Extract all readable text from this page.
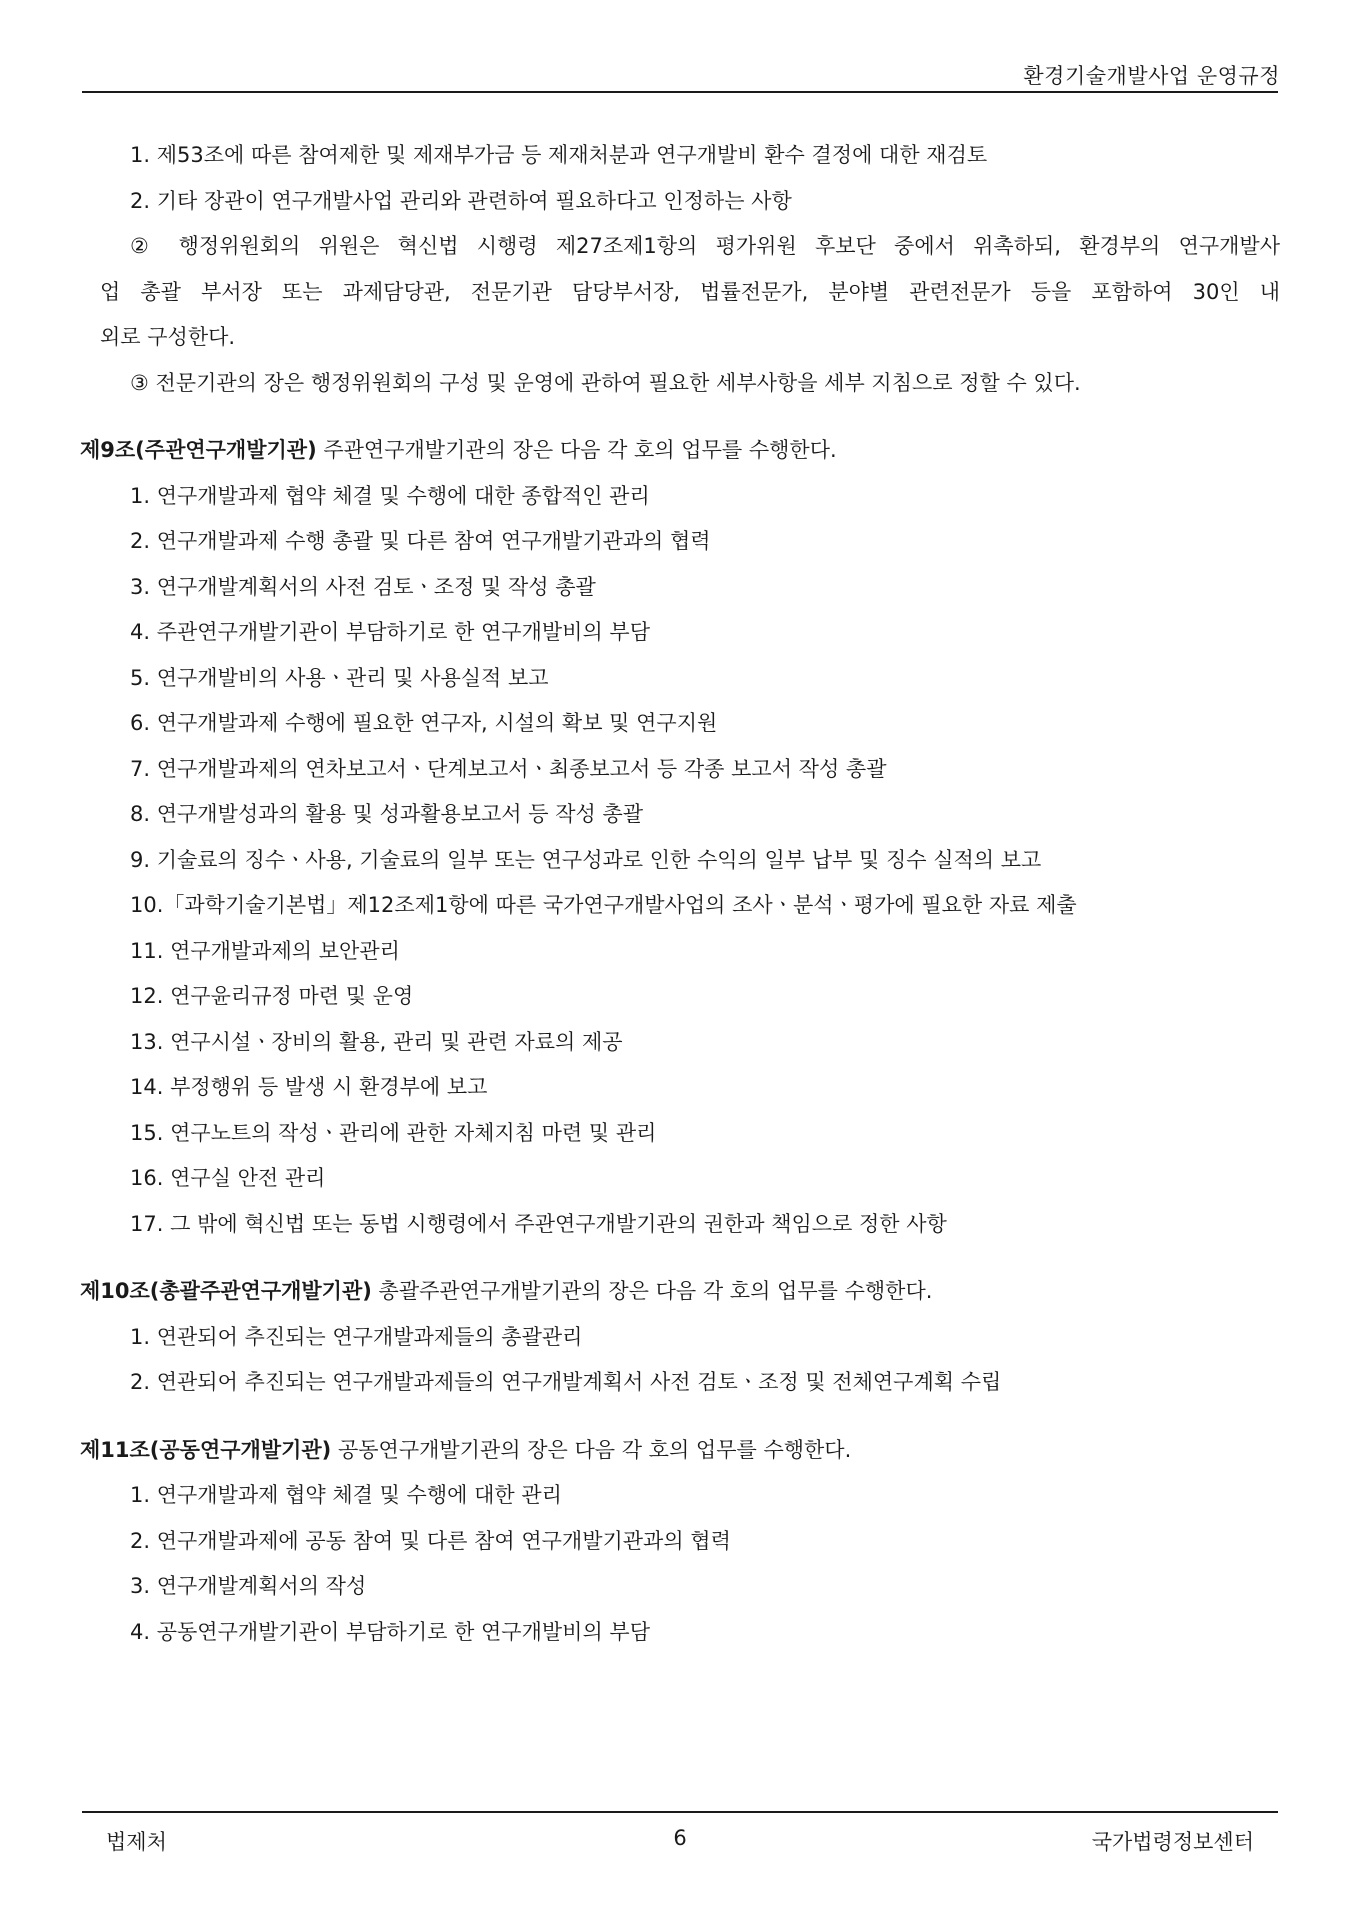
환경기술개발사업 운영규정
1. 제53조에 따른 참여제한 및 제재부가금 등 제재처분과 연구개발비 환수 결정에 대한 재검토
2. 기타 장관이 연구개발사업 관리와 관련하여 필요하다고 인정하는 사항
② 행정위원회의 위원은 혁신법 시행령 제27조제1항의 평가위원 후보단 중에서 위촉하되, 환경부의 연구개발사
업 총괄 부서장 또는 과제담당관, 전문기관 담당부서장, 법률전문가, 분야별 관련전문가 등을 포함하여 30인 내
외로 구성한다.
③ 전문기관의 장은 행정위원회의 구성 및 운영에 관하여 필요한 세부사항을 세부 지침으로 정할 수 있다.
제9조(주관연구개발기관) 주관연구개발기관의 장은 다음 각 호의 업무를 수행한다.
1. 연구개발과제 협약 체결 및 수행에 대한 종합적인 관리
2. 연구개발과제 수행 총괄 및 다른 참여 연구개발기관과의 협력
3. 연구개발계획서의 사전 검토ㆍ조정 및 작성 총괄
4. 주관연구개발기관이 부담하기로 한 연구개발비의 부담
5. 연구개발비의 사용ㆍ관리 및 사용실적 보고
6. 연구개발과제 수행에 필요한 연구자, 시설의 확보 및 연구지원
7. 연구개발과제의 연차보고서ㆍ단계보고서ㆍ최종보고서 등 각종 보고서 작성 총괄
8. 연구개발성과의 활용 및 성과활용보고서 등 작성 총괄
9. 기술료의 징수ㆍ사용, 기술료의 일부 또는 연구성과로 인한 수익의 일부 납부 및 징수 실적의 보고
10.「과학기술기본법」제12조제1항에 따른 국가연구개발사업의 조사ㆍ분석ㆍ평가에 필요한 자료 제출
11. 연구개발과제의 보안관리
12. 연구윤리규정 마련 및 운영
13. 연구시설ㆍ장비의 활용, 관리 및 관련 자료의 제공
14. 부정행위 등 발생 시 환경부에 보고
15. 연구노트의 작성ㆍ관리에 관한 자체지침 마련 및 관리
16. 연구실 안전 관리
17. 그 밖에 혁신법 또는 동법 시행령에서 주관연구개발기관의 권한과 책임으로 정한 사항
제10조(총괄주관연구개발기관) 총괄주관연구개발기관의 장은 다음 각 호의 업무를 수행한다.
1. 연관되어 추진되는 연구개발과제들의 총괄관리
2. 연관되어 추진되는 연구개발과제들의 연구개발계획서 사전 검토ㆍ조정 및 전체연구계획 수립
제11조(공동연구개발기관) 공동연구개발기관의 장은 다음 각 호의 업무를 수행한다.
1. 연구개발과제 협약 체결 및 수행에 대한 관리
2. 연구개발과제에 공동 참여 및 다른 참여 연구개발기관과의 협력
3. 연구개발계획서의 작성
4. 공동연구개발기관이 부담하기로 한 연구개발비의 부담
법제처	6	국가법령정보센터
